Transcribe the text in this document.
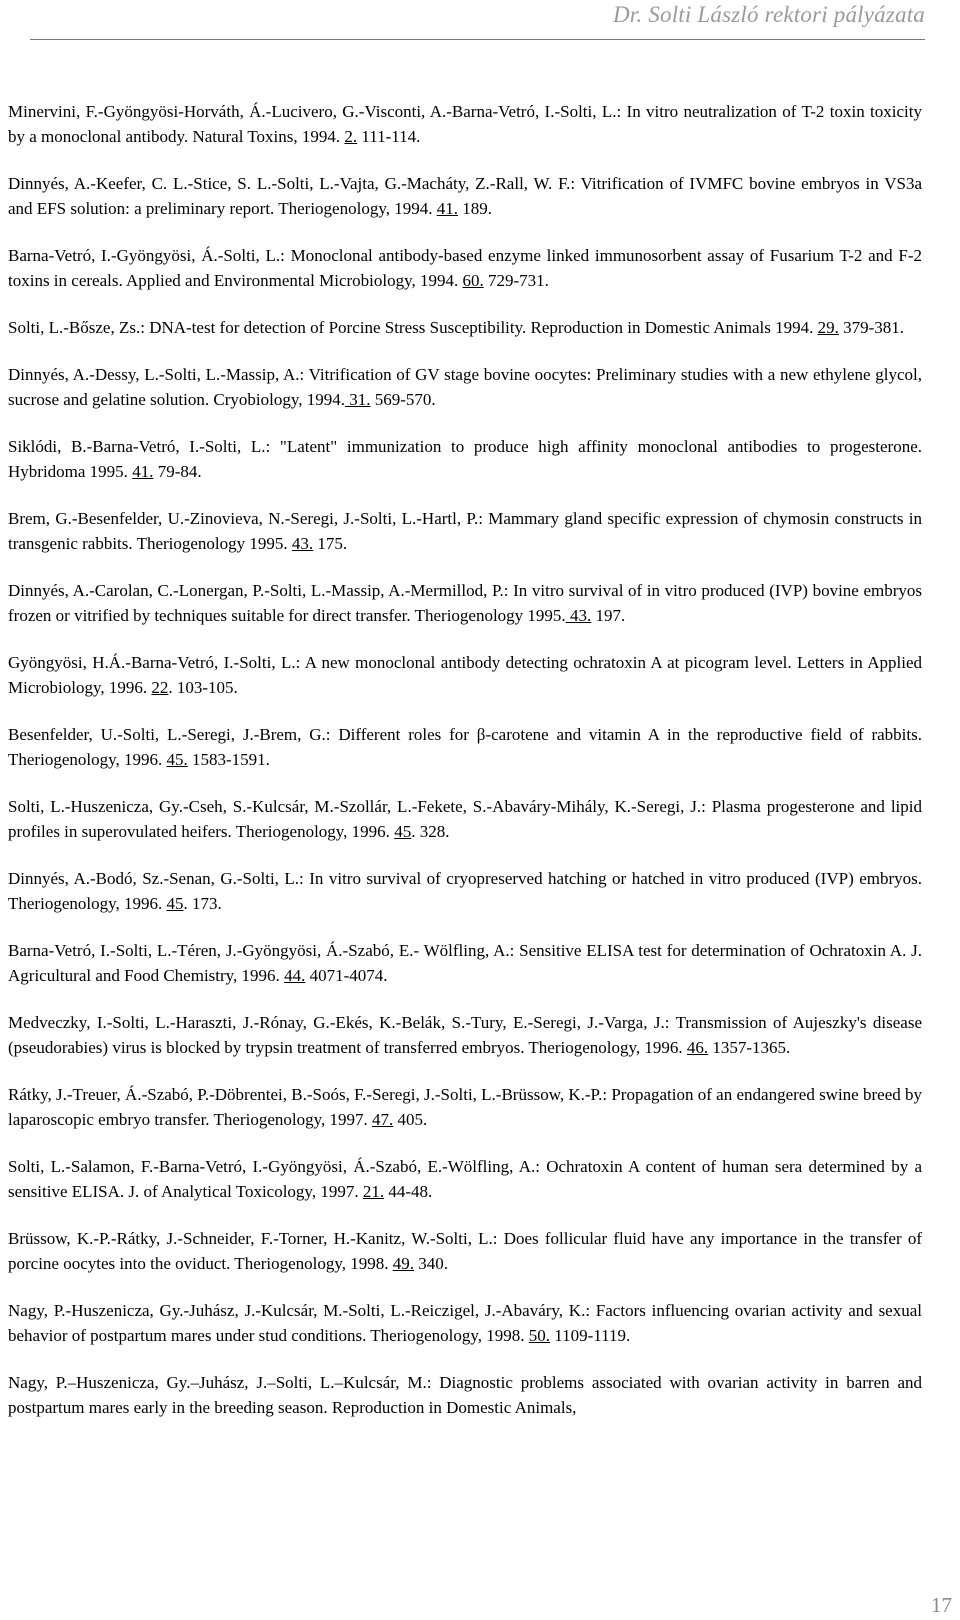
Dr. Solti László rektori pályázata

Minervini, F.-Gyöngyösi-Horváth, Á.-Lucivero, G.-Visconti, A.-Barna-Vetró, I.-Solti, L.: In vitro neutralization of T-2 toxin toxicity by a monoclonal antibody. Natural Toxins, 1994. 2. 111-114.

Dinnyés, A.-Keefer, C. L.-Stice, S. L.-Solti, L.-Vajta, G.-Macháty, Z.-Rall, W. F.: Vitrification of IVMFC bovine embryos in VS3a and EFS solution: a preliminary report. Theriogenology, 1994. 41. 189.

Barna-Vetró, I.-Gyöngyösi, Á.-Solti, L.: Monoclonal antibody-based enzyme linked immunosorbent assay of Fusarium T-2 and F-2 toxins in cereals. Applied and Environmental Microbiology, 1994. 60. 729-731.

Solti, L.-Bősze, Zs.: DNA-test for detection of Porcine Stress Susceptibility. Reproduction in Domestic Animals 1994. 29. 379-381.

Dinnyés, A.-Dessy, L.-Solti, L.-Massip, A.: Vitrification of GV stage bovine oocytes: Preliminary studies with a new ethylene glycol, sucrose and gelatine solution. Cryobiology, 1994. 31. 569-570.

Siklódi, B.-Barna-Vetró, I.-Solti, L.: "Latent" immunization to produce high affinity monoclonal antibodies to progesterone. Hybridoma 1995. 41. 79-84.

Brem, G.-Besenfelder, U.-Zinovieva, N.-Seregi, J.-Solti, L.-Hartl, P.: Mammary gland specific expression of chymosin constructs in transgenic rabbits. Theriogenology 1995. 43. 175.

Dinnyés, A.-Carolan, C.-Lonergan, P.-Solti, L.-Massip, A.-Mermillod, P.: In vitro survival of in vitro produced (IVP) bovine embryos frozen or vitrified by techniques suitable for direct transfer. Theriogenology 1995. 43. 197.

Gyöngyösi, H.Á.-Barna-Vetró, I.-Solti, L.: A new monoclonal antibody detecting ochratoxin A at picogram level. Letters in Applied Microbiology, 1996. 22. 103-105.

Besenfelder, U.-Solti, L.-Seregi, J.-Brem, G.: Different roles for β-carotene and vitamin A in the reproductive field of rabbits. Theriogenology, 1996. 45. 1583-1591.

Solti, L.-Huszenicza, Gy.-Cseh, S.-Kulcsár, M.-Szollár, L.-Fekete, S.-Abaváry-Mihály, K.-Seregi, J.: Plasma progesterone and lipid profiles in superovulated heifers. Theriogenology, 1996. 45. 328.

Dinnyés, A.-Bodó, Sz.-Senan, G.-Solti, L.: In vitro survival of cryopreserved hatching or hatched in vitro produced (IVP) embryos. Theriogenology, 1996. 45. 173.

Barna-Vetró, I.-Solti, L.-Téren, J.-Gyöngyösi, Á.-Szabó, E.- Wölfling, A.: Sensitive ELISA test for determination of Ochratoxin A. J. Agricultural and Food Chemistry, 1996. 44. 4071-4074.

Medveczky, I.-Solti, L.-Haraszti, J.-Rónay, G.-Ekés, K.-Belák, S.-Tury, E.-Seregi, J.-Varga, J.: Transmission of Aujeszky's disease (pseudorabies) virus is blocked by trypsin treatment of transferred embryos. Theriogenology, 1996. 46. 1357-1365.

Rátky, J.-Treuer, Á.-Szabó, P.-Döbrentei, B.-Soós, F.-Seregi, J.-Solti, L.-Brüssow, K.-P.: Propagation of an endangered swine breed by laparoscopic embryo transfer. Theriogenology, 1997. 47. 405.

Solti, L.-Salamon, F.-Barna-Vetró, I.-Gyöngyösi, Á.-Szabó, E.-Wölfling, A.: Ochratoxin A content of human sera determined by a sensitive ELISA. J. of Analytical Toxicology, 1997. 21. 44-48.

Brüssow, K.-P.-Rátky, J.-Schneider, F.-Torner, H.-Kanitz, W.-Solti, L.: Does follicular fluid have any importance in the transfer of porcine oocytes into the oviduct. Theriogenology, 1998. 49. 340.

Nagy, P.-Huszenicza, Gy.-Juhász, J.-Kulcsár, M.-Solti, L.-Reiczigel, J.-Abaváry, K.: Factors influencing ovarian activity and sexual behavior of postpartum mares under stud conditions. Theriogenology, 1998. 50. 1109-1119.

Nagy, P.–Huszenicza, Gy.–Juhász, J.–Solti, L.–Kulcsár, M.: Diagnostic problems associated with ovarian activity in barren and postpartum mares early in the breeding season. Reproduction in Domestic Animals,

17
